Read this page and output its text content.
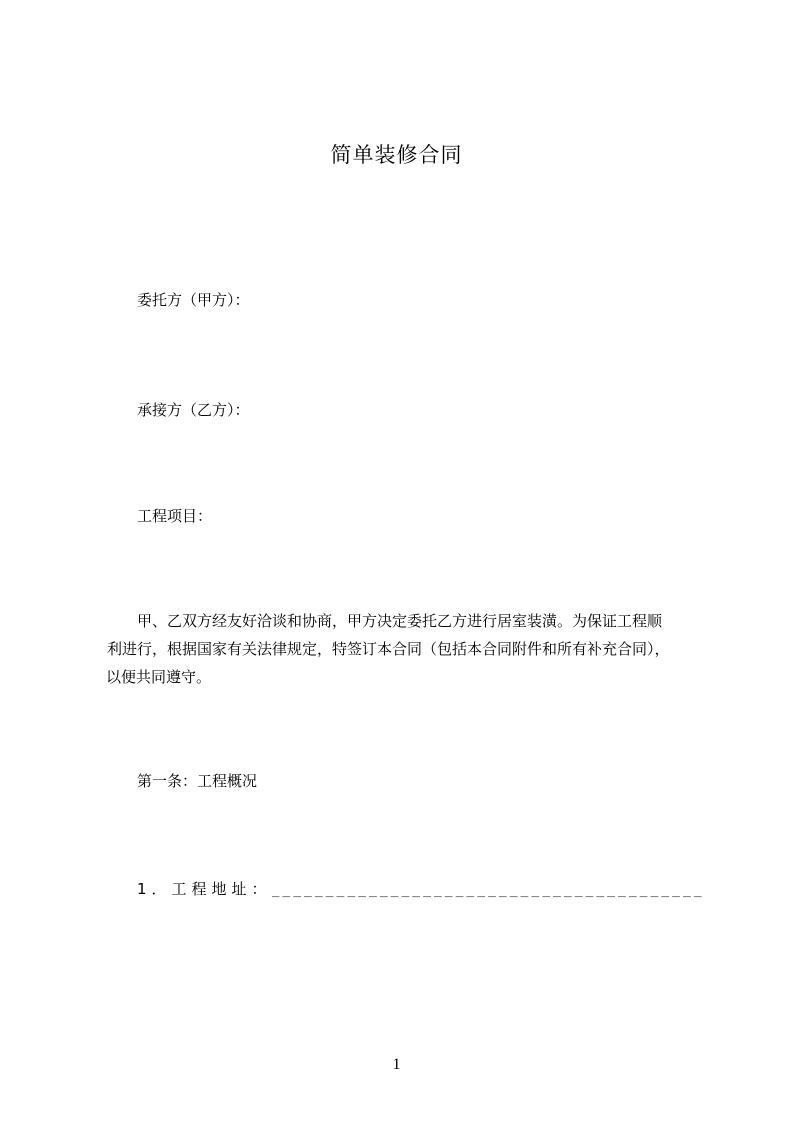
简单装修合同
委托方（甲方）：
承接方（乙方）：
工程项目：

甲、乙双方经友好洽谈和协商，甲方决定委托乙方进行居室装潢。为保证工程顺

利进行，根据国家有关法律规定，特签订本合同（包括本合同附件和所有补充合同），

以便共同遵守。

第一条：工程概况
1．工程地址： ________________________________________
1
